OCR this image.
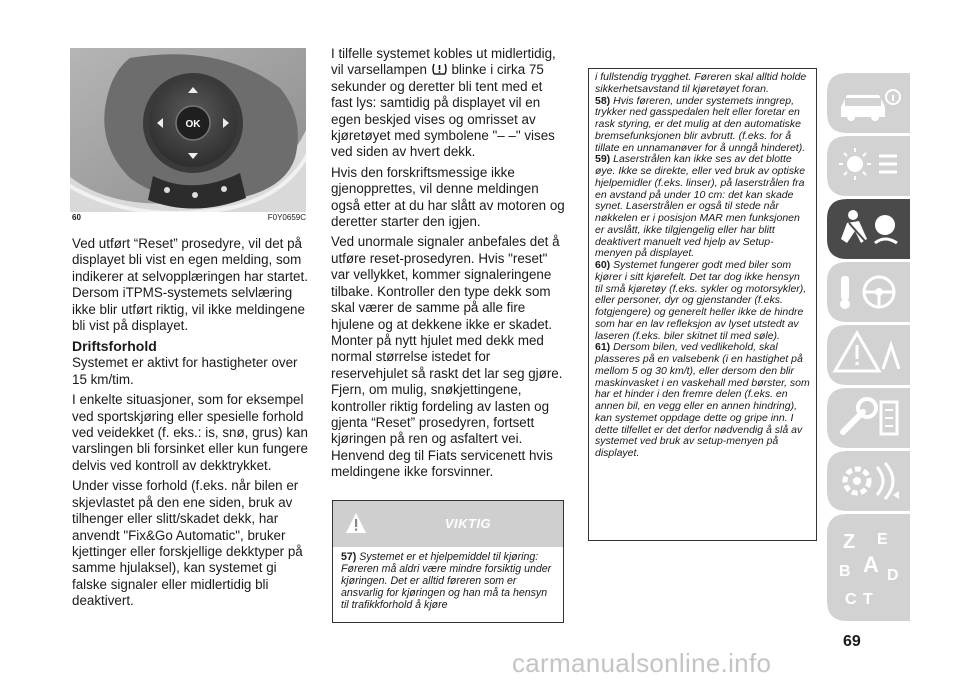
OK
60	F0Y0659C

Ved utført “Reset” prosedyre, vil det på displayet bli vist en egen melding, som indikerer at selvopplæringen har startet. Dersom iTPMS-systemets selvlæring ikke blir utført riktig, vil ikke meldingene bli vist på displayet.

Driftsforhold

Systemet er aktivt for hastigheter over 15 km/tim.

I enkelte situasjoner, som for eksempel ved sportskjøring eller spesielle forhold ved veidekket (f. eks.: is, snø, grus) kan varslingen bli forsinket eller kun fungere delvis ved kontroll av dekktrykket.

Under visse forhold (f.eks. når bilen er skjevlastet på den ene siden, bruk av tilhenger eller slitt/skadet dekk, har anvendt "Fix&Go Automatic", bruker kjettinger eller forskjellige dekktyper på samme hjulaksel), kan systemet gi falske signaler eller midlertidig bli deaktivert.

I tilfelle systemet kobles ut midlertidig, vil varsellampen blinke i cirka 75 sekunder og deretter bli tent med et fast lys: samtidig på displayet vil en egen beskjed vises og omrisset av kjøretøyet med symbolene "– –" vises ved siden av hvert dekk.

Hvis den forskriftsmessige ikke gjenopprettes, vil denne meldingen også etter at du har slått av motoren og deretter starter den igjen.

Ved unormale signaler anbefales det å utføre reset-prosedyren. Hvis "reset" var vellykket, kommer signaleringene tilbake. Kontroller den type dekk som skal værer de samme på alle fire hjulene og at dekkene ikke er skadet. Monter på nytt hjulet med dekk med normal størrelse istedet for reservehjulet så raskt det lar seg gjøre. Fjern, om mulig, snøkjettingene, kontroller riktig fordeling av lasten og gjenta “Reset” prosedyren, fortsett kjøringen på ren og asfaltert vei. Henvend deg til Fiats servicenett hvis meldingene ikke forsvinner.

VIKTIG
57) Systemet er et hjelpemiddel til kjøring: Føreren må aldri være mindre forsiktig under kjøringen. Det er alltid føreren som er ansvarlig for kjøringen og han må ta hensyn til trafikkforhold å kjøre

i fullstendig trygghet. Føreren skal alltid holde sikkerhetsavstand til kjøretøyet foran.

58) Hvis føreren, under systemets inngrep, trykker ned gasspedalen helt eller foretar en rask styring, er det mulig at den automatiske bremsefunksjonen blir avbrutt. (f.eks. for å tillate en unnamanøver for å unngå hinderet).

59) Laserstrålen kan ikke ses av det blotte øye. Ikke se direkte, eller ved bruk av optiske hjelpemidler (f.eks. linser), på laserstrålen fra en avstand på under 10 cm: det kan skade synet. Laserstrålen er også til stede når nøkkelen er i posisjon MAR men funksjonen er avslått, ikke tilgjengelig eller har blitt deaktivert manuelt ved hjelp av Setup-menyen på displayet.

60) Systemet fungerer godt med biler som kjører i sitt kjørefelt. Det tar dog ikke hensyn til små kjøretøy (f.eks. sykler og motorsykler), eller personer, dyr og gjenstander (f.eks. fotgjengere) og generelt heller ikke de hindre som har en lav refleksjon av lyset utstedt av laseren (f.eks. biler skitnet til med søle).

61) Dersom bilen, ved vedlikehold, skal plasseres på en valsebenk (i en hastighet på mellom 5 og 30 km/t), eller dersom den blir maskinvasket i en vaskehall med børster, som har et hinder i den fremre delen (f.eks. en annen bil, en vegg eller en annen hindring), kan systemet oppdage dette og gripe inn. I dette tilfellet er det derfor nødvendig å slå av systemet ved bruk av setup-menyen på displayet.

Z E
B A
C
D
T
69
carmanualsonline.info
